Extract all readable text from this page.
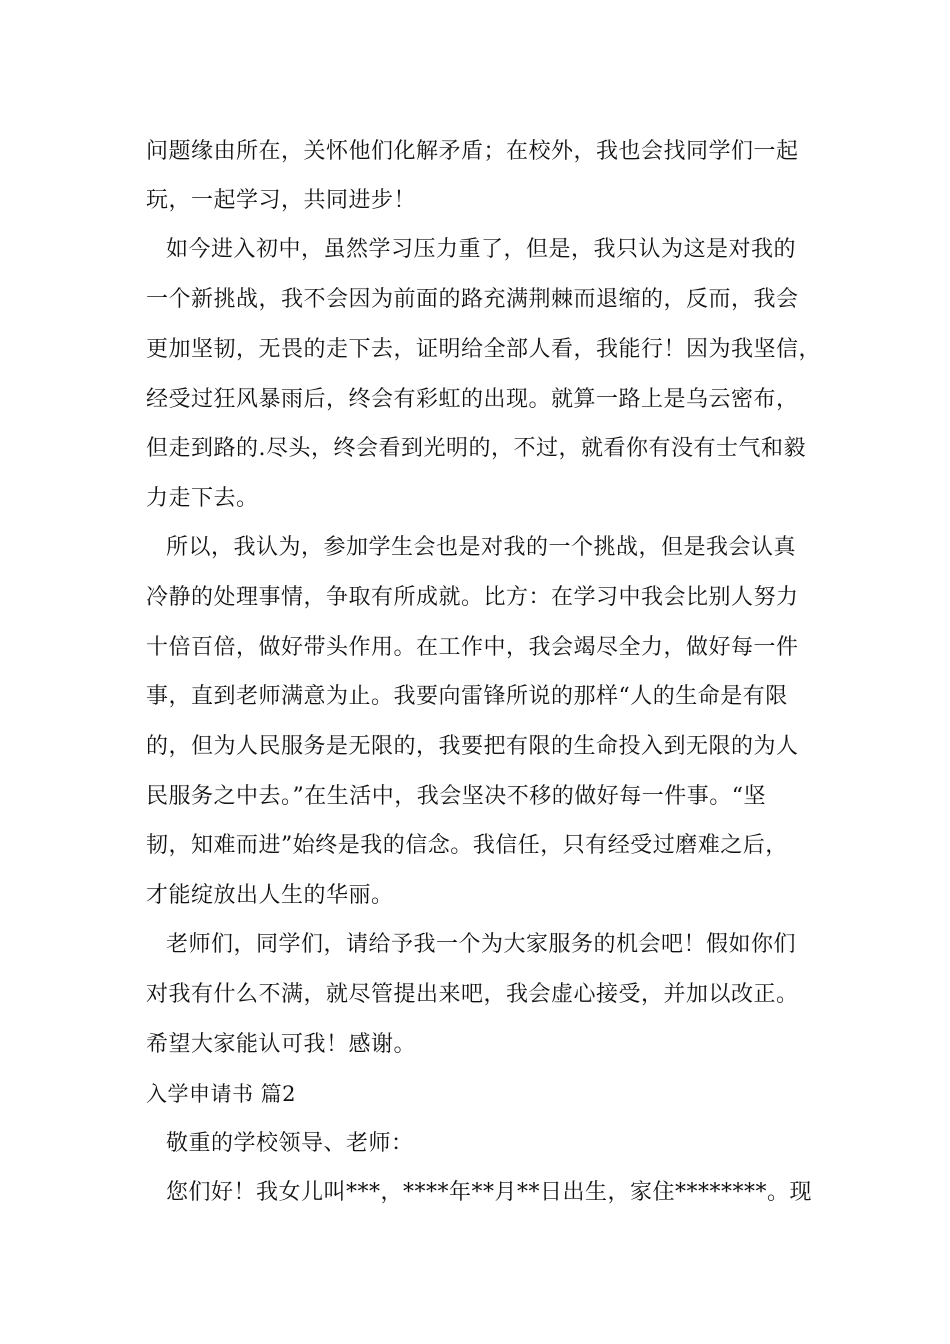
问题缘由所在，关怀他们化解矛盾；在校外，我也会找同学们一起
玩，一起学习，共同进步！
如今进入初中，虽然学习压力重了，但是，我只认为这是对我的
一个新挑战，我不会因为前面的路充满荆棘而退缩的，反而，我会
更加坚韧，无畏的走下去，证明给全部人看，我能行！因为我坚信，
经受过狂风暴雨后，终会有彩虹的出现。就算一路上是乌云密布，
但走到路的.尽头，终会看到光明的，不过，就看你有没有士气和毅
力走下去。
所以，我认为，参加学生会也是对我的一个挑战，但是我会认真
冷静的处理事情，争取有所成就。比方：在学习中我会比别人努力
十倍百倍，做好带头作用。在工作中，我会竭尽全力，做好每一件
事，直到老师满意为止。我要向雷锋所说的那样“人的生命是有限
的，但为人民服务是无限的，我要把有限的生命投入到无限的为人
民服务之中去。”在生活中，我会坚决不移的做好每一件事。“坚
韧，知难而进”始终是我的信念。我信任，只有经受过磨难之后，
才能绽放出人生的华丽。
老师们，同学们，请给予我一个为大家服务的机会吧！假如你们
对我有什么不满，就尽管提出来吧，我会虚心接受，并加以改正。
希望大家能认可我！感谢。
入学申请书 篇2
敬重的学校领导、老师：
您们好！我女儿叫***，****年**月**日出生，家住********。现
